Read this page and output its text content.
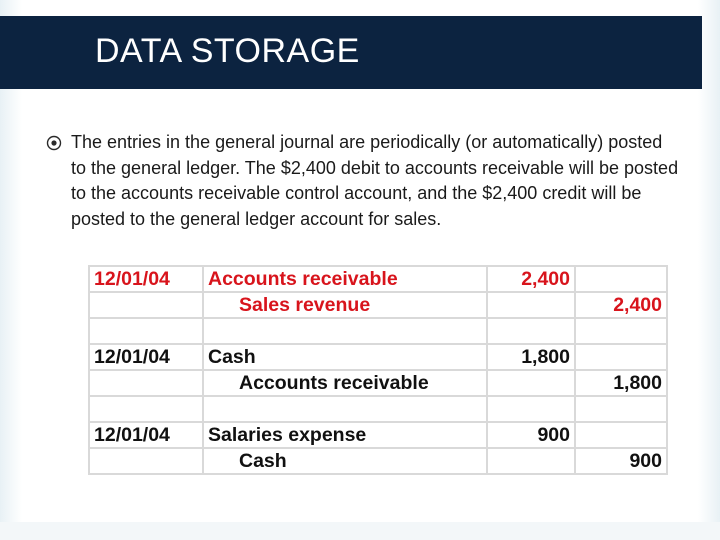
DATA STORAGE
The entries in the general journal are periodically (or automatically) posted to the general ledger. The $2,400 debit to accounts receivable will be posted to the accounts receivable control account, and the $2,400 credit will be posted to the general ledger account for sales.
12/01/04	Accounts receivable	2,400	
	Sales revenue		2,400

12/01/04	Cash	1,800	
	Accounts receivable		1,800

12/01/04	Salaries expense	900	
	Cash		900
